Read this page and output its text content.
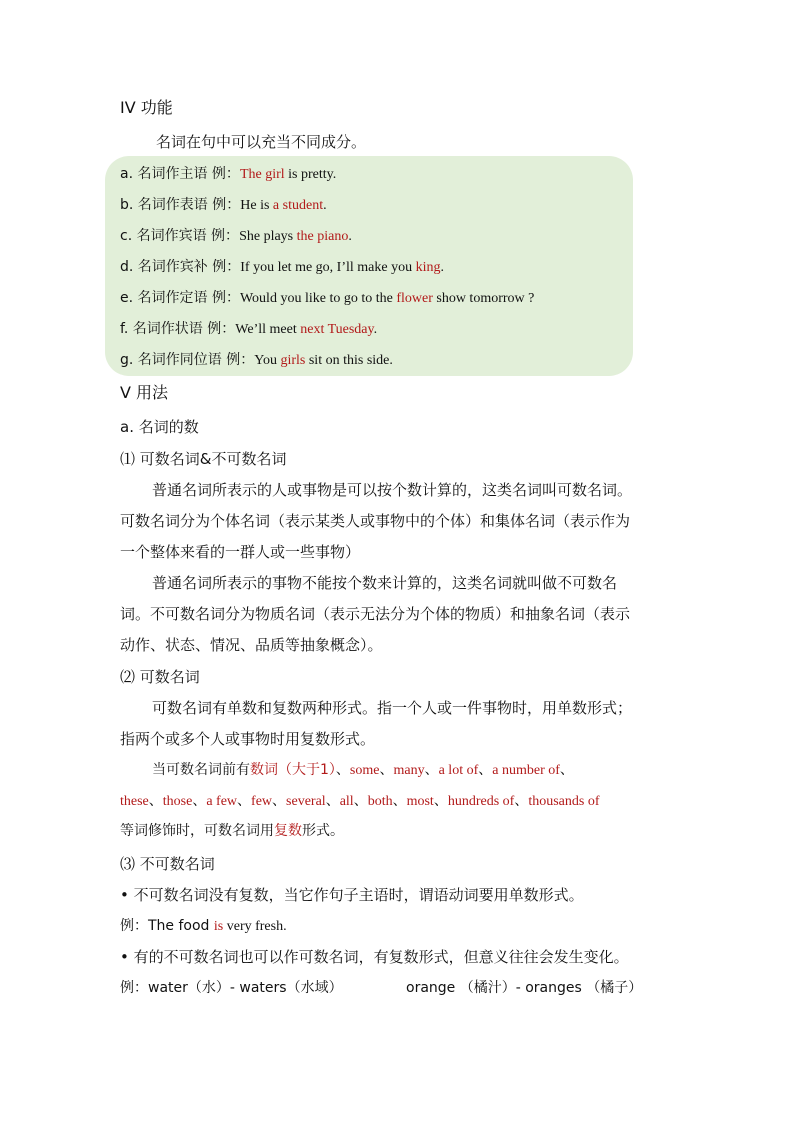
IV 功能
名词在句中可以充当不同成分。
a. 名词作主语 例：The girl is pretty.
b. 名词作表语 例：He is a student.
c. 名词作宾语 例：She plays the piano.
d. 名词作宾补 例：If you let me go, I’ll make you king.
e. 名词作定语 例：Would you like to go to the flower show tomorrow ?
f. 名词作状语 例：We’ll meet next Tuesday.
g. 名词作同位语 例：You girls sit on this side.
V 用法
a. 名词的数
⑴ 可数名词&不可数名词
普通名词所表示的人或事物是可以按个数计算的，这类名词叫可数名词。
可数名词分为个体名词（表示某类人或事物中的个体）和集体名词（表示作为
一个整体来看的一群人或一些事物）
普通名词所表示的事物不能按个数来计算的，这类名词就叫做不可数名
词。不可数名词分为物质名词（表示无法分为个体的物质）和抽象名词（表示
动作、状态、情况、品质等抽象概念）。
⑵ 可数名词
可数名词有单数和复数两种形式。指一个人或一件事物时，用单数形式；
指两个或多个人或事物时用复数形式。
当可数名词前有数词（大于1）、some、many、a lot of、a number of、
these、those、a few、few、several、all、both、most、hundreds of、thousands of
等词修饰时，可数名词用复数形式。
⑶ 不可数名词
• 不可数名词没有复数，当它作句子主语时，谓语动词要用单数形式。
例：The food is very fresh.
• 有的不可数名词也可以作可数名词，有复数形式，但意义往往会发生变化。
例：water（水）- waters（水域）	orange （橘汁）- oranges （橘子）
